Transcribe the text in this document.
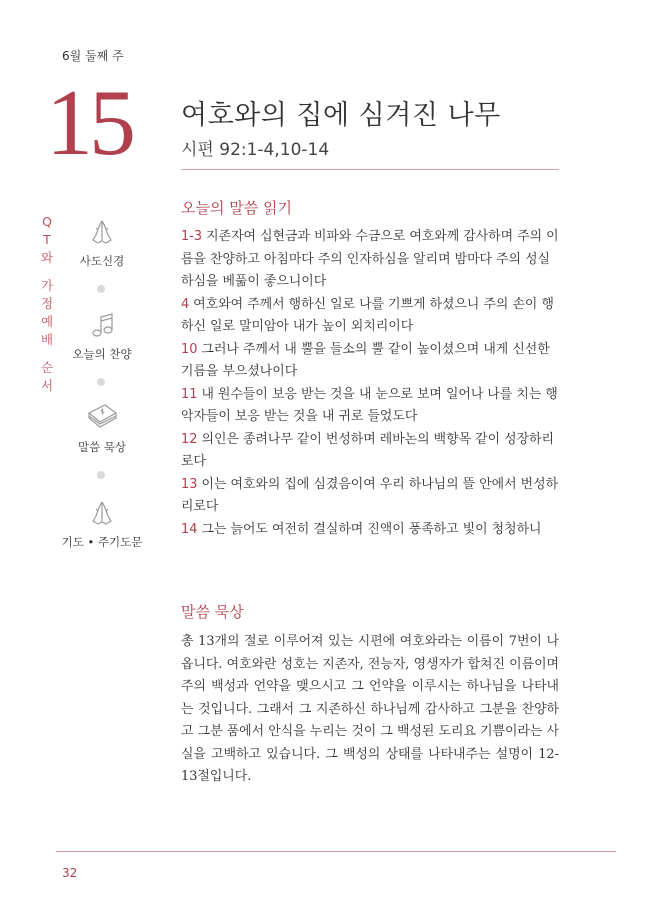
6월 둘째 주
15 여호와의 집에 심겨진 나무
시편 92:1-4,10-14
Q
T
와
가
정
예
배
순
서
사도신경
오늘의 찬양
말씀 묵상
기도 • 주기도문
오늘의 말씀 읽기

1-3 지존자여 십현금과 비파와 수금으로 여호와께 감사하며 주의 이름을 찬양하고 아침마다 주의 인자하심을 알리며 밤마다 주의 성실하심을 베풂이 좋으니이다

4 여호와여 주께서 행하신 일로 나를 기쁘게 하셨으니 주의 손이 행하신 일로 말미암아 내가 높이 외치리이다

10 그러나 주께서 내 뿔을 들소의 뿔 같이 높이셨으며 내게 신선한 기름을 부으셨나이다

11 내 원수들이 보응 받는 것을 내 눈으로 보며 일어나 나를 치는 행악자들이 보응 받는 것을 내 귀로 들었도다

12 의인은 종려나무 같이 번성하며 레바논의 백향목 같이 성장하리로다

13 이는 여호와의 집에 심겼음이여 우리 하나님의 뜰 안에서 번성하리로다

14 그는 늙어도 여전히 결실하며 진액이 풍족하고 빛이 청청하니

말씀 묵상
총 13개의 절로 이루어져 있는 시편에 여호와라는 이름이 7번이 나옵니다. 여호와란 성호는 지존자, 전능자, 영생자가 합쳐진 이름이며 주의 백성과 언약을 맺으시고 그 언약을 이루시는 하나님을 나타내는 것입니다. 그래서 그 지존하신 하나님께 감사하고 그분을 찬양하고 그분 품에서 안식을 누리는 것이 그 백성된 도리요 기쁨이라는 사실을 고백하고 있습니다. 그 백성의 상태를 나타내주는 설명이 12-13절입니다.
32
